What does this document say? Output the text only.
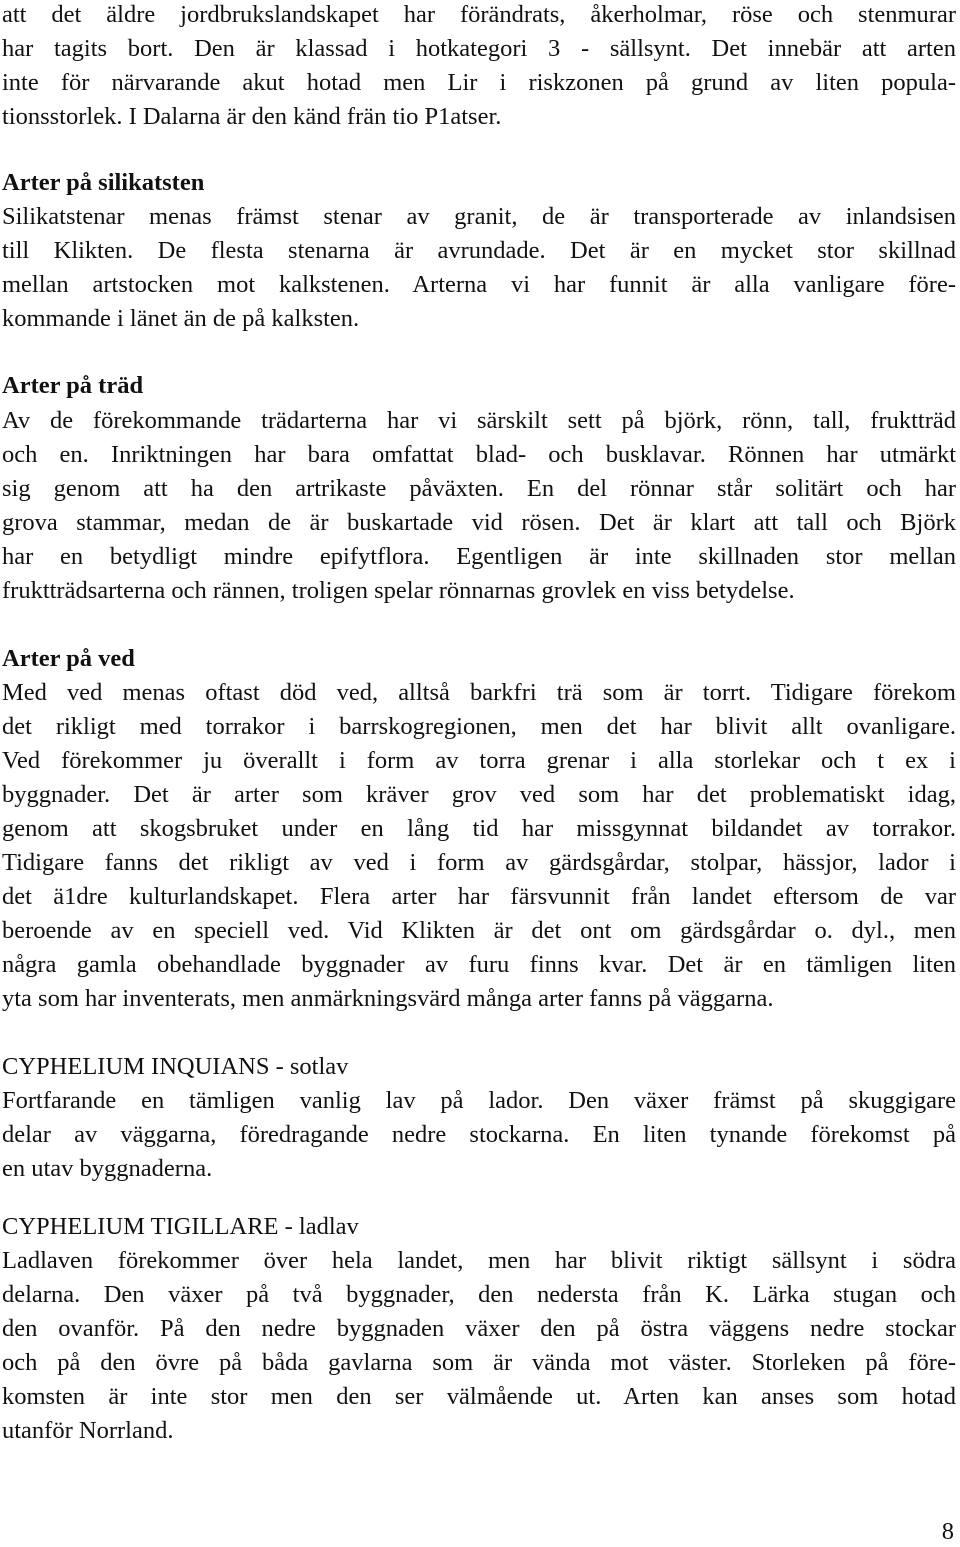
att det äldre jordbrukslandskapet har förändrats, åkerholmar, röse och stenmurar
har tagits bort. Den är klassad i hotkategori 3 - sällsynt. Det innebär att arten
inte för närvarande akut hotad men Lir i riskzonen på grund av liten popula-
tionsstorlek. I Dalarna är den känd frän tio P1atser.
Arter på silikatsten
Silikatstenar menas främst stenar av granit, de är transporterade av inlandsisen
till Klikten. De flesta stenarna är avrundade. Det är en mycket stor skillnad
mellan artstocken mot kalkstenen. Arterna vi har funnit är alla vanligare före-
kommande i länet än de på kalksten.
Arter på träd
Av de förekommande trädarterna har vi särskilt sett på björk, rönn, tall, fruktträd
och en. Inriktningen har bara omfattat blad- och busklavar. Rönnen har utmärkt
sig genom att ha den artrikaste påväxten. En del rönnar står solitärt och har
grova stammar, medan de är buskartade vid rösen. Det är klart att tall och Björk
har en betydligt mindre epifytflora. Egentligen är inte skillnaden stor mellan
fruktträdsarterna och rännen, troligen spelar rönnarnas grovlek en viss betydelse.
Arter på ved
Med ved menas oftast död ved, alltså barkfri trä som är torrt. Tidigare förekom
det rikligt med torrakor i barrskogregionen, men det har blivit allt ovanligare.
Ved förekommer ju överallt i form av torra grenar i alla storlekar och t ex i
byggnader. Det är arter som kräver grov ved som har det problematiskt idag,
genom att skogsbruket under en lång tid har missgynnat bildandet av torrakor.
Tidigare fanns det rikligt av ved i form av gärdsgårdar, stolpar, hässjor, lador i
det ä1dre kulturlandskapet. Flera arter har färsvunnit från landet eftersom de var
beroende av en speciell ved. Vid Klikten är det ont om gärdsgårdar o. dyl., men
några gamla obehandlade byggnader av furu finns kvar. Det är en tämligen liten
yta som har inventerats, men anmärkningsvärd många arter fanns på väggarna.
CYPHELIUM INQUIANS - sotlav
Fortfarande en tämligen vanlig lav på lador. Den växer främst på skuggigare
delar av väggarna, föredragande nedre stockarna. En liten tynande förekomst på
en utav byggnaderna.
CYPHELIUM TIGILLARE - ladlav
Ladlaven förekommer över hela landet, men har blivit riktigt sällsynt i södra
delarna. Den växer på två byggnader, den nedersta från K. Lärka stugan och
den ovanför. På den nedre byggnaden växer den på östra väggens nedre stockar
och på den övre på båda gavlarna som är vända mot väster. Storleken på före-
komsten är inte stor men den ser välmående ut. Arten kan anses som hotad
utanför Norrland.
8
